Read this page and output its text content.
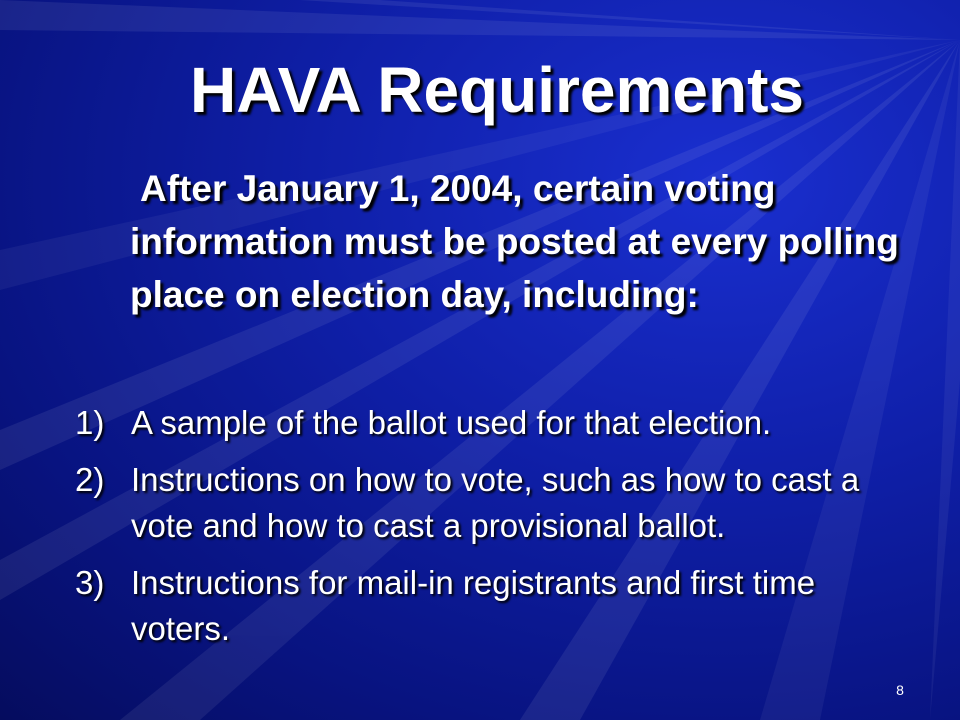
HAVA Requirements

After January 1, 2004, certain voting information must be posted at every polling place on election day, including:

1) A sample of the ballot used for that election.
2) Instructions on how to vote, such as how to cast a vote and how to cast a provisional ballot.
3) Instructions for mail-in registrants and first time voters.
8
